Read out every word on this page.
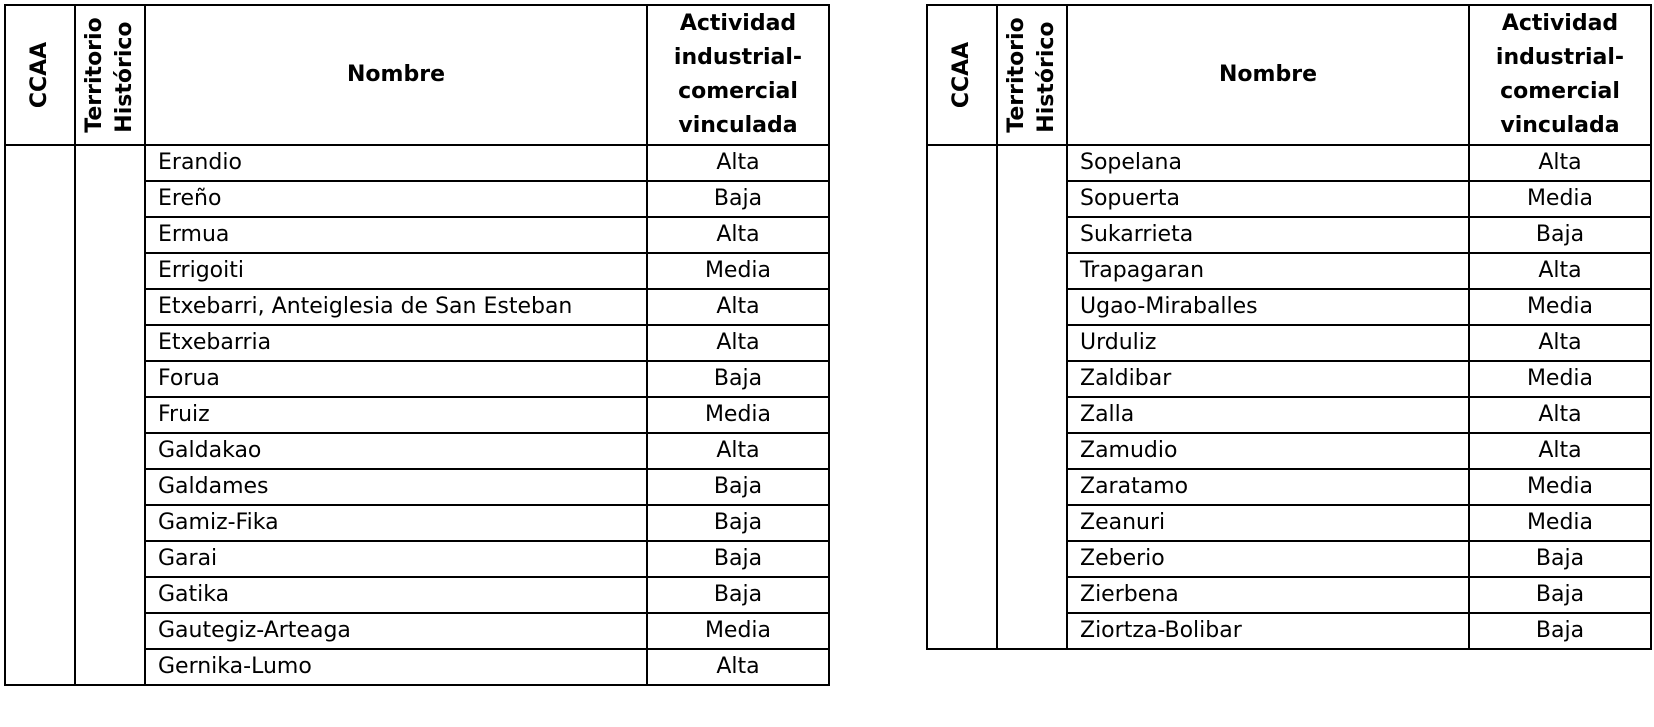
CCAA	Territorio Histórico	Nombre	Actividad
industrial-
comercial
vinculada

		Erandio	Alta
		Ereño	Baja
		Ermua	Alta
		Errigoiti	Media
		Etxebarri, Anteiglesia de San Esteban	Alta
		Etxebarria	Alta
		Forua	Baja
		Fruiz	Media
		Galdakao	Alta
		Galdames	Baja
		Gamiz-Fika	Baja
		Garai	Baja
		Gatika	Baja
		Gautegiz-Arteaga	Media
		Gernika-Lumo	Alta
CCAA	Territorio Histórico	Nombre	Actividad
industrial-
comercial
vinculada

		Sopelana	Alta
		Sopuerta	Media
		Sukarrieta	Baja
		Trapagaran	Alta
		Ugao-Miraballes	Media
		Urduliz	Alta
		Zaldibar	Media
		Zalla	Alta
		Zamudio	Alta
		Zaratamo	Media
		Zeanuri	Media
		Zeberio	Baja
		Zierbena	Baja
		Ziortza-Bolibar	Baja
